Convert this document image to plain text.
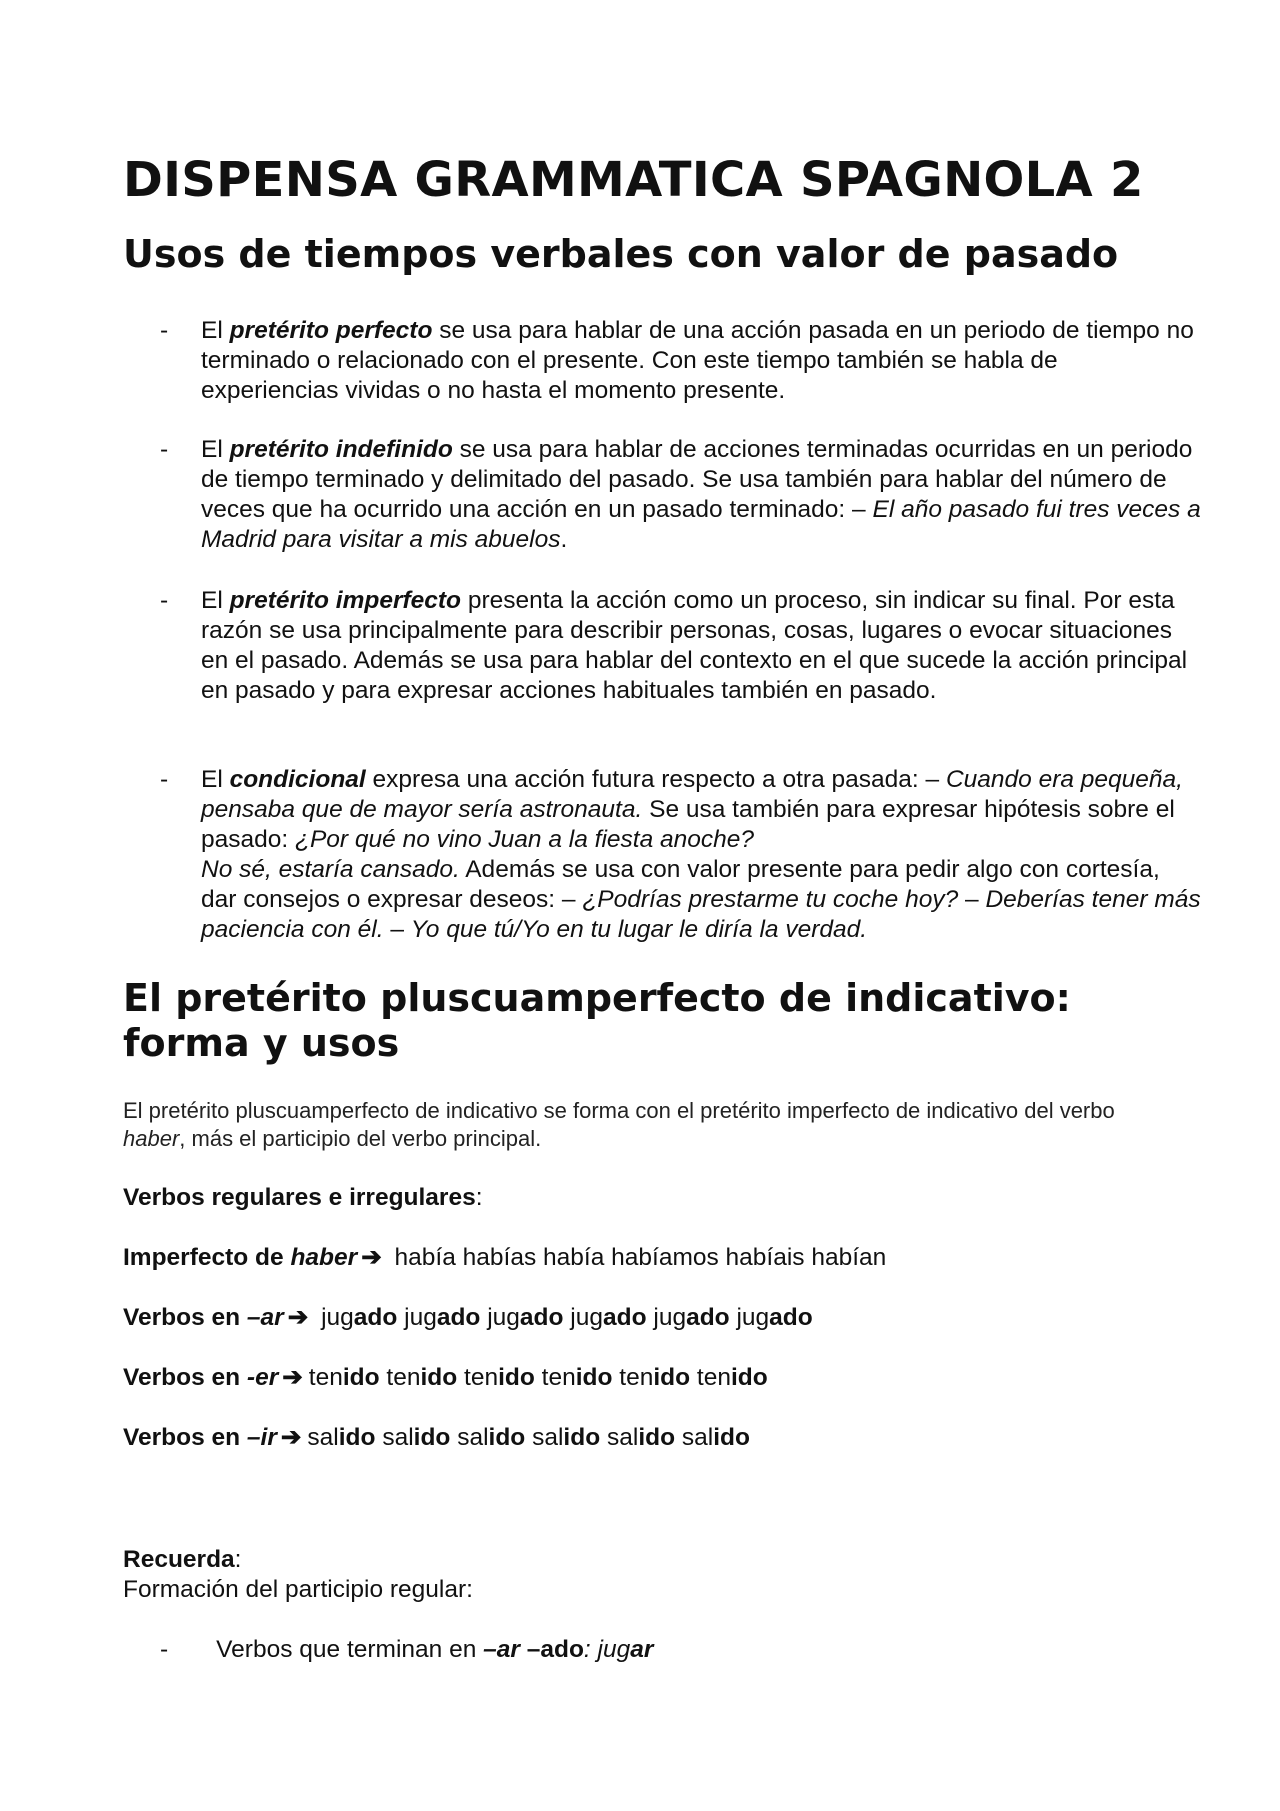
DISPENSA GRAMMATICA SPAGNOLA 2
Usos de tiempos verbales con valor de pasado
- El pretérito perfecto se usa para hablar de una acción pasada en un periodo de tiempo no terminado o relacionado con el presente. Con este tiempo también se habla de experiencias vividas o no hasta el momento presente.
- El pretérito indefinido se usa para hablar de acciones terminadas ocurridas en un periodo de tiempo terminado y delimitado del pasado. Se usa también para hablar del número de veces que ha ocurrido una acción en un pasado terminado: – El año pasado fui tres veces a Madrid para visitar a mis abuelos.
- El pretérito imperfecto presenta la acción como un proceso, sin indicar su final. Por esta razón se usa principalmente para describir personas, cosas, lugares o evocar situaciones en el pasado. Además se usa para hablar del contexto en el que sucede la acción principal en pasado y para expresar acciones habituales también en pasado.
- El condicional expresa una acción futura respecto a otra pasada: – Cuando era pequeña, pensaba que de mayor sería astronauta. Se usa también para expresar hipótesis sobre el pasado: ¿Por qué no vino Juan a la fiesta anoche?
No sé, estaría cansado. Además se usa con valor presente para pedir algo con cortesía, dar consejos o expresar deseos: – ¿Podrías prestarme tu coche hoy? – Deberías tener más paciencia con él. – Yo que tú/Yo en tu lugar le diría la verdad.
El pretérito pluscuamperfecto de indicativo: forma y usos

El pretérito pluscuamperfecto de indicativo se forma con el pretérito imperfecto de indicativo del verbo haber, más el participio del verbo principal.

Verbos regulares e irregulares:
Imperfecto de haber ➔ había habías había habíamos habíais habían
Verbos en –ar ➔ jugado jugado jugado jugado jugado jugado
Verbos en -er ➔ tenido tenido tenido tenido tenido tenido
Verbos en –ir ➔ salido salido salido salido salido salido
Recuerda:
Formación del participio regular:
- Verbos que terminan en –ar –ado: jugar
